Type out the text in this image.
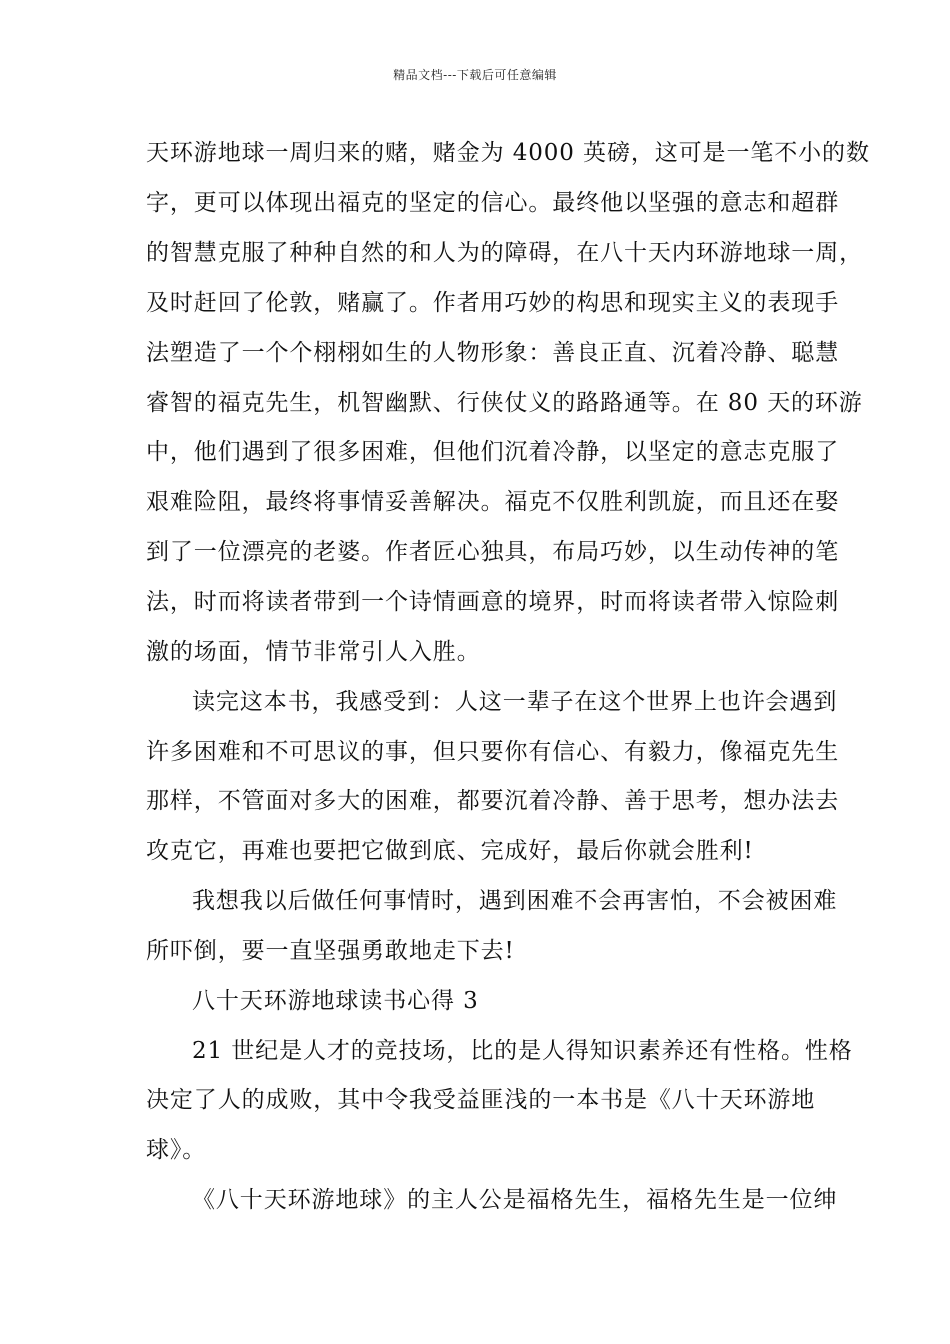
精品文档---下载后可任意编辑
天环游地球一周归来的赌，赌金为 4000 英磅，这可是一笔不小的数
字，更可以体现出福克的坚定的信心。最终他以坚强的意志和超群
的智慧克服了种种自然的和人为的障碍，在八十天内环游地球一周，
及时赶回了伦敦，赌赢了。作者用巧妙的构思和现实主义的表现手
法塑造了一个个栩栩如生的人物形象：善良正直、沉着冷静、聪慧
睿智的福克先生，机智幽默、行侠仗义的路路通等。在 80 天的环游
中，他们遇到了很多困难，但他们沉着冷静，以坚定的意志克服了
艰难险阻，最终将事情妥善解决。福克不仅胜利凯旋，而且还在娶
到了一位漂亮的老婆。作者匠心独具，布局巧妙，以生动传神的笔
法，时而将读者带到一个诗情画意的境界，时而将读者带入惊险刺
激的场面，情节非常引人入胜。
读完这本书，我感受到：人这一辈子在这个世界上也许会遇到
许多困难和不可思议的事，但只要你有信心、有毅力，像福克先生
那样，不管面对多大的困难，都要沉着冷静、善于思考，想办法去
攻克它，再难也要把它做到底、完成好，最后你就会胜利!
我想我以后做任何事情时，遇到困难不会再害怕，不会被困难
所吓倒，要一直坚强勇敢地走下去!
八十天环游地球读书心得 3
21 世纪是人才的竞技场，比的是人得知识素养还有性格。性格
决定了人的成败，其中令我受益匪浅的一本书是《八十天环游地
球》。
《八十天环游地球》的主人公是福格先生，福格先生是一位绅
